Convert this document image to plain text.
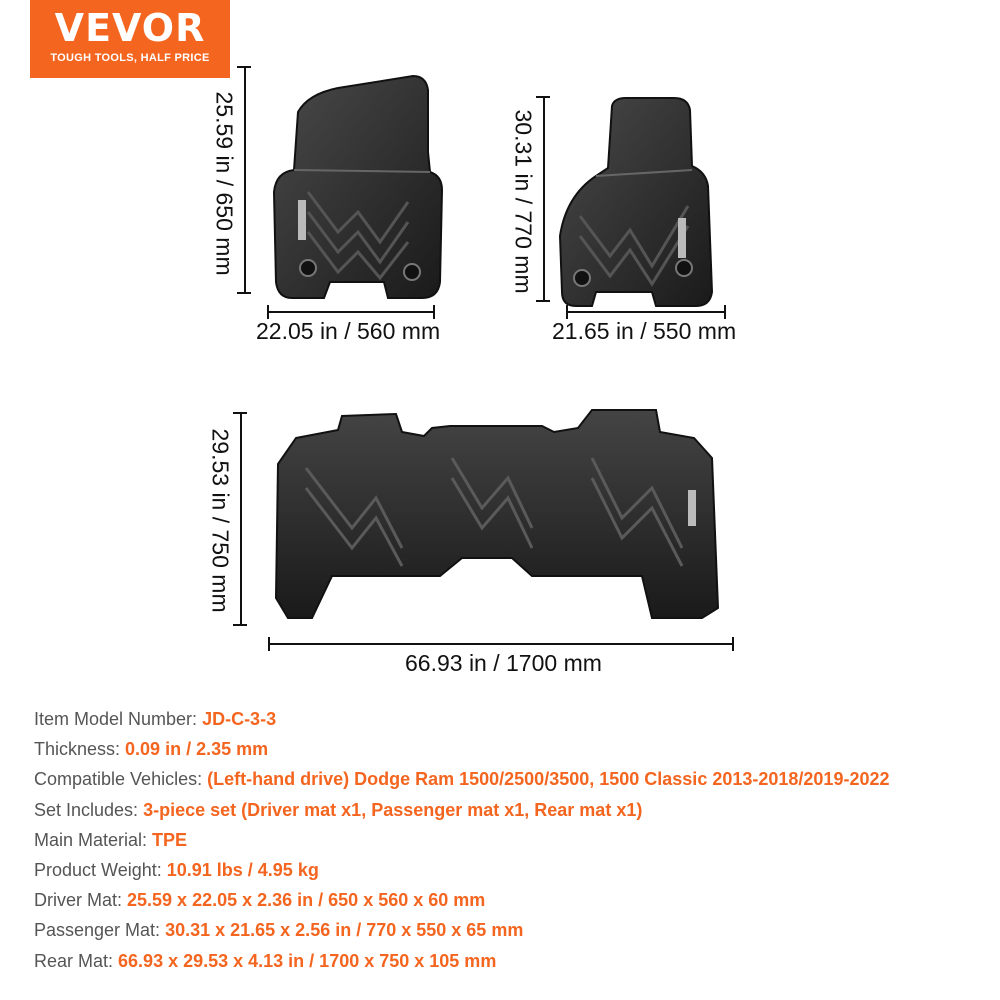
VEVOR
TOUGH TOOLS, HALF PRICE
25.59 in / 650 mm
22.05 in / 560 mm
30.31 in / 770 mm
21.65 in / 550 mm
29.53 in / 750 mm
66.93 in / 1700 mm
Item Model Number: JD-C-3-3
Thickness: 0.09 in / 2.35 mm
Compatible Vehicles: (Left-hand drive) Dodge Ram 1500/2500/3500, 1500 Classic 2013-2018/2019-2022
Set Includes: 3-piece set (Driver mat x1, Passenger mat x1, Rear mat x1)
Main Material: TPE
Product Weight: 10.91 lbs / 4.95 kg
Driver Mat: 25.59 x 22.05 x 2.36 in / 650 x 560 x 60 mm
Passenger Mat: 30.31 x 21.65 x 2.56 in / 770 x 550 x 65 mm
Rear Mat: 66.93 x 29.53 x 4.13 in / 1700 x 750 x 105 mm
